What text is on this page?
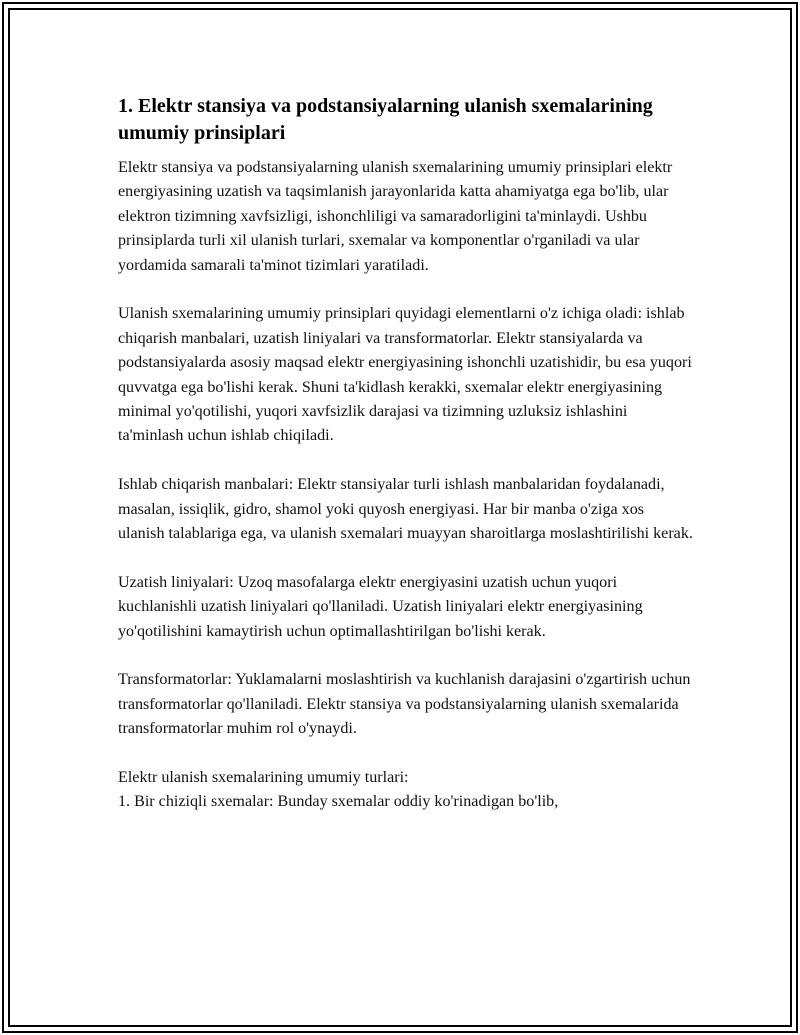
1. Elektr stansiya va podstansiyalarning ulanish sxemalarining umumiy prinsiplari

Elektr stansiya va podstansiyalarning ulanish sxemalarining umumiy prinsiplari elektr energiyasining uzatish va taqsimlanish jarayonlarida katta ahamiyatga ega bo'lib, ular elektron tizimning xavfsizligi, ishonchliligi va samaradorligini ta'minlaydi. Ushbu prinsiplarda turli xil ulanish turlari, sxemalar va komponentlar o'rganiladi va ular yordamida samarali ta'minot tizimlari yaratiladi.

Ulanish sxemalarining umumiy prinsiplari quyidagi elementlarni o'z ichiga oladi: ishlab chiqarish manbalari, uzatish liniyalari va transformatorlar. Elektr stansiyalarda va podstansiyalarda asosiy maqsad elektr energiyasining ishonchli uzatishidir, bu esa yuqori quvvatga ega bo'lishi kerak. Shuni ta'kidlash kerakki, sxemalar elektr energiyasining minimal yo'qotilishi, yuqori xavfsizlik darajasi va tizimning uzluksiz ishlashini ta'minlash uchun ishlab chiqiladi.

Ishlab chiqarish manbalari: Elektr stansiyalar turli ishlash manbalaridan foydalanadi, masalan, issiqlik, gidro, shamol yoki quyosh energiyasi. Har bir manba o'ziga xos ulanish talablariga ega, va ulanish sxemalari muayyan sharoitlarga moslashtirilishi kerak.

Uzatish liniyalari: Uzoq masofalarga elektr energiyasini uzatish uchun yuqori kuchlanishli uzatish liniyalari qo'llaniladi. Uzatish liniyalari elektr energiyasining yo'qotilishini kamaytirish uchun optimallashtirilgan bo'lishi kerak.

Transformatorlar: Yuklamalarni moslashtirish va kuchlanish darajasini o'zgartirish uchun transformatorlar qo'llaniladi. Elektr stansiya va podstansiyalarning ulanish sxemalarida transformatorlar muhim rol o'ynaydi.

Elektr ulanish sxemalarining umumiy turlari:
1. Bir chiziqli sxemalar: Bunday sxemalar oddiy ko'rinadigan bo'lib,
